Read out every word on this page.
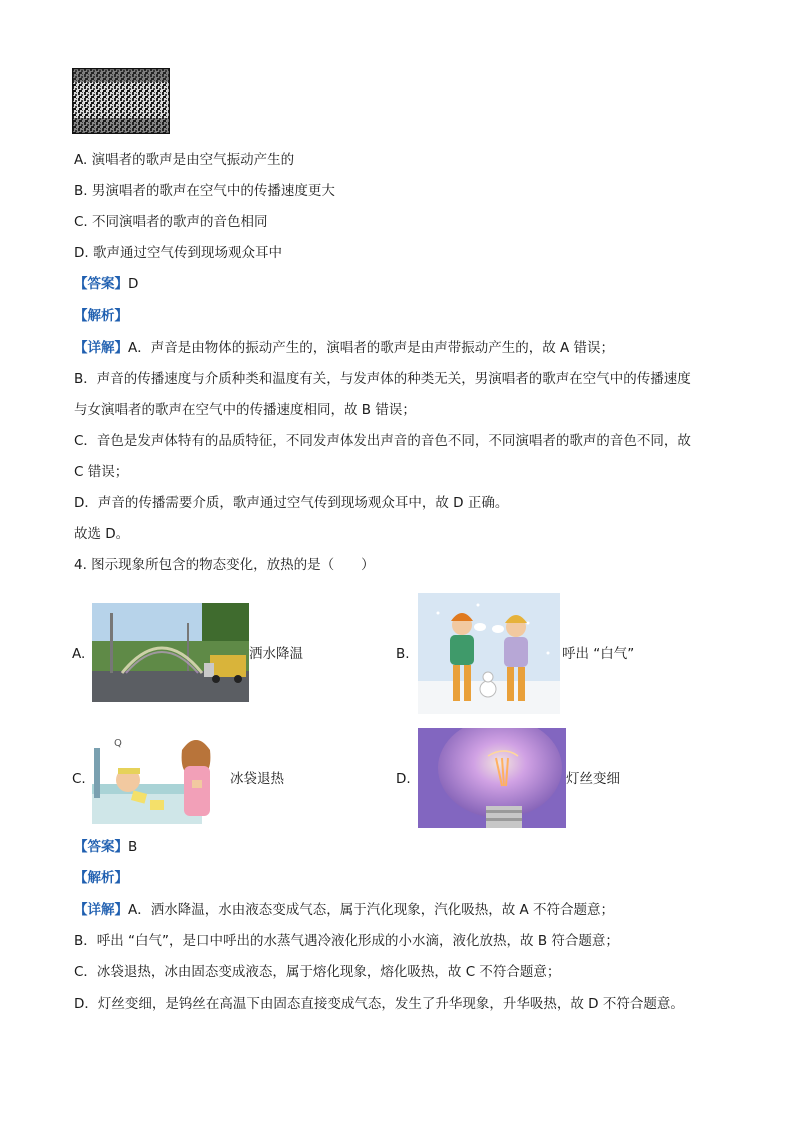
A. 演唱者的歌声是由空气振动产生的
B. 男演唱者的歌声在空气中的传播速度更大
C. 不同演唱者的歌声的音色相同
D. 歌声通过空气传到现场观众耳中
【答案】D
【解析】
【详解】A．声音是由物体的振动产生的，演唱者的歌声是由声带振动产生的，故 A 错误；
B．声音的传播速度与介质种类和温度有关，与发声体的种类无关，男演唱者的歌声在空气中的传播速度
与女演唱者的歌声在空气中的传播速度相同，故 B 错误；
C．音色是发声体特有的品质特征，不同发声体发出声音的音色不同，不同演唱者的歌声的音色不同，故
C 错误；
D．声音的传播需要介质，歌声通过空气传到现场观众耳中，故 D 正确。
故选 D。
4. 图示现象所包含的物态变化，放热的是（　　）
A.	洒水降温	B.	呼出 “白气”
C.
Q
冰袋退热	D.	灯丝变细
【答案】B
【解析】
【详解】A．洒水降温，水由液态变成气态，属于汽化现象，汽化吸热，故 A 不符合题意；
B．呼出 “白气”，是口中呼出的水蒸气遇冷液化形成的小水滴，液化放热，故 B 符合题意；
C．冰袋退热，冰由固态变成液态，属于熔化现象，熔化吸热，故 C 不符合题意；
D．灯丝变细，是钨丝在高温下由固态直接变成气态，发生了升华现象，升华吸热，故 D 不符合题意。
